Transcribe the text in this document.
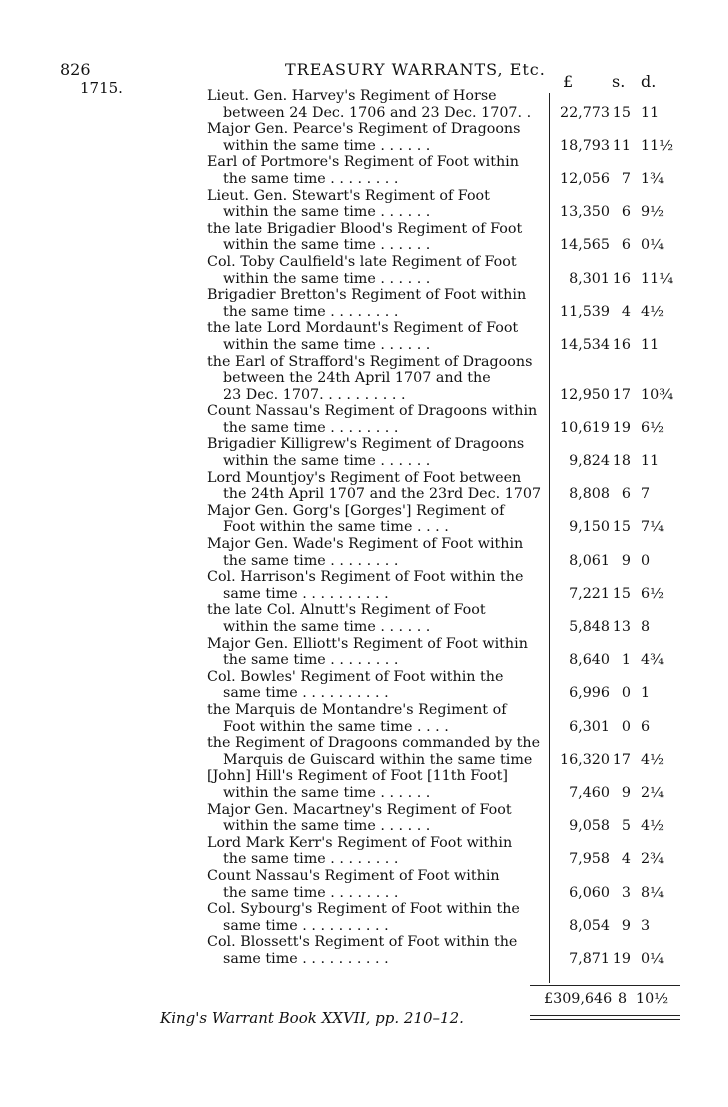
826
1715.
TREASURY WARRANTS, Etc.
£ s. d.
Lieut. Gen. Harvey's Regiment of Horse
between 24 Dec. 1706 and 23 Dec. 1707. . 22,773 15 11
Major Gen. Pearce's Regiment of Dragoons
within the same time . . . . . .	18,793 11 11½
Earl of Portmore's Regiment of Foot within
the same time . . . . . . . .	12,056 7 1¾
Lieut. Gen. Stewart's Regiment of Foot
within the same time . . . . . .	13,350 6 9½
the late Brigadier Blood's Regiment of Foot
within the same time . . . . . .	14,565 6 0¼
Col. Toby Caulfield's late Regiment of Foot
within the same time . . . . . .	8,301 16 11¼
Brigadier Bretton's Regiment of Foot within
the same time . . . . . . . .	11,539 4 4½
the late Lord Mordaunt's Regiment of Foot
within the same time . . . . . .	14,534 16 11
the Earl of Strafford's Regiment of Dragoons
between the 24th April 1707 and the
23 Dec. 1707. . . . . . . . . .	12,950 17 10¾
Count Nassau's Regiment of Dragoons within
the same time . . . . . . . .	10,619 19 6½
Brigadier Killigrew's Regiment of Dragoons
within the same time . . . . . .	9,824 18 11
Lord Mountjoy's Regiment of Foot between
the 24th April 1707 and the 23rd Dec. 1707 8,808 6 7
Major Gen. Gorg's [Gorges'] Regiment of
Foot within the same time . . . .	9,150 15 7¼
Major Gen. Wade's Regiment of Foot within
the same time . . . . . . . .	8,061 9 0
Col. Harrison's Regiment of Foot within the
same time . . . . . . . . . .	7,221 15 6½
the late Col. Alnutt's Regiment of Foot
within the same time . . . . . .	5,848 13 8
Major Gen. Elliott's Regiment of Foot within
the same time . . . . . . . .	8,640 1 4¾
Col. Bowles' Regiment of Foot within the
same time . . . . . . . . . .	6,996 0 1
the Marquis de Montandre's Regiment of
Foot within the same time . . . .	6,301 0 6
the Regiment of Dragoons commanded by the
Marquis de Guiscard within the same time 16,320 17 4½
[John] Hill's Regiment of Foot [11th Foot]
within the same time . . . . . .	7,460 9 2¼
Major Gen. Macartney's Regiment of Foot
within the same time . . . . . .	9,058 5 4½
Lord Mark Kerr's Regiment of Foot within
the same time . . . . . . . .	7,958 4 2¾
Count Nassau's Regiment of Foot within
the same time . . . . . . . .	6,060 3 8¼
Col. Sybourg's Regiment of Foot within the
same time . . . . . . . . . .	8,054 9 3
Col. Blossett's Regiment of Foot within the
same time . . . . . . . . . .	7,871 19 0¼
£309,646 8 10½
King's Warrant Book XXVII, pp. 210–12.
